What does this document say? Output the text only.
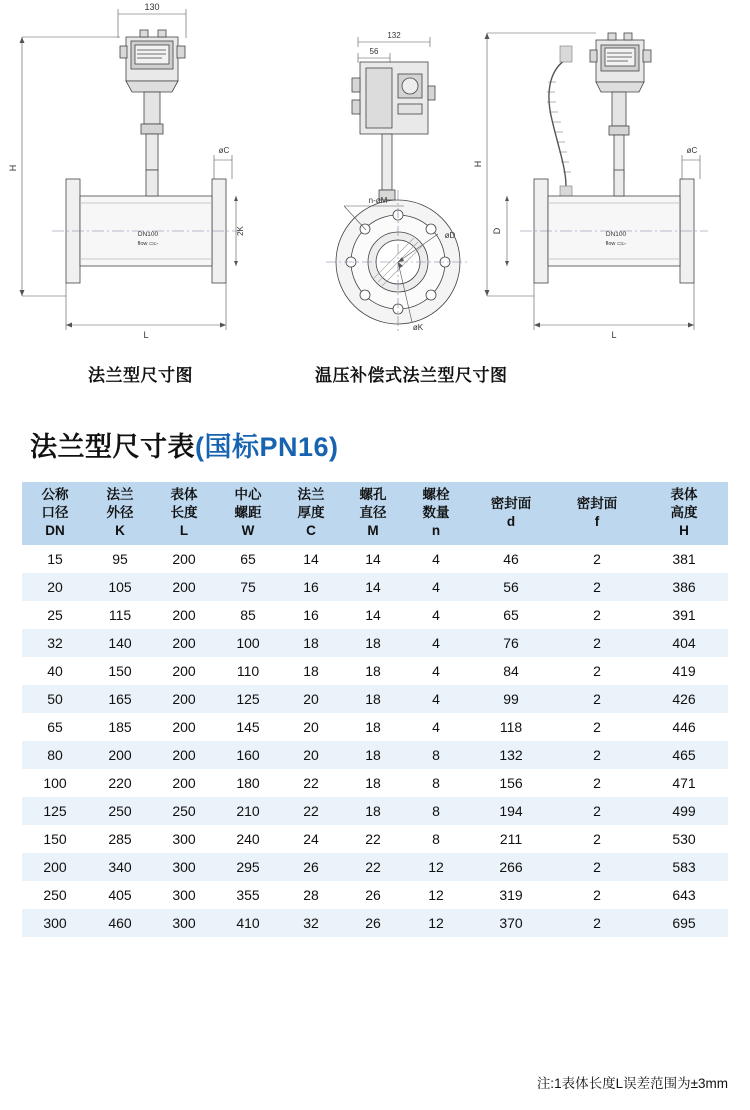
130
H
DN100
flow ▭▻
øC
2K
L
132
56
n-øM
øD
øK
H
DN100
flow ▭▻
D
øC
L
法兰型尺寸图	温压补偿式法兰型尺寸图
法兰型尺寸表(国标PN16)
公称
口径
DN	法兰
外径
K	表体
长度
L	中心
螺距
W	法兰
厚度
C	螺孔
直径
M	螺栓
数量
n	密封面
d	密封面
f	表体
高度
H

15	95	200	65	14	14	4	46	2	381
20	105	200	75	16	14	4	56	2	386
25	115	200	85	16	14	4	65	2	391
32	140	200	100	18	18	4	76	2	404
40	150	200	110	18	18	4	84	2	419
50	165	200	125	20	18	4	99	2	426
65	185	200	145	20	18	4	118	2	446
80	200	200	160	20	18	8	132	2	465
100	220	200	180	22	18	8	156	2	471
125	250	250	210	22	18	8	194	2	499
150	285	300	240	24	22	8	211	2	530
200	340	300	295	26	22	12	266	2	583
250	405	300	355	28	26	12	319	2	643
300	460	300	410	32	26	12	370	2	695
注:1表体长度L误差范围为±3mm
